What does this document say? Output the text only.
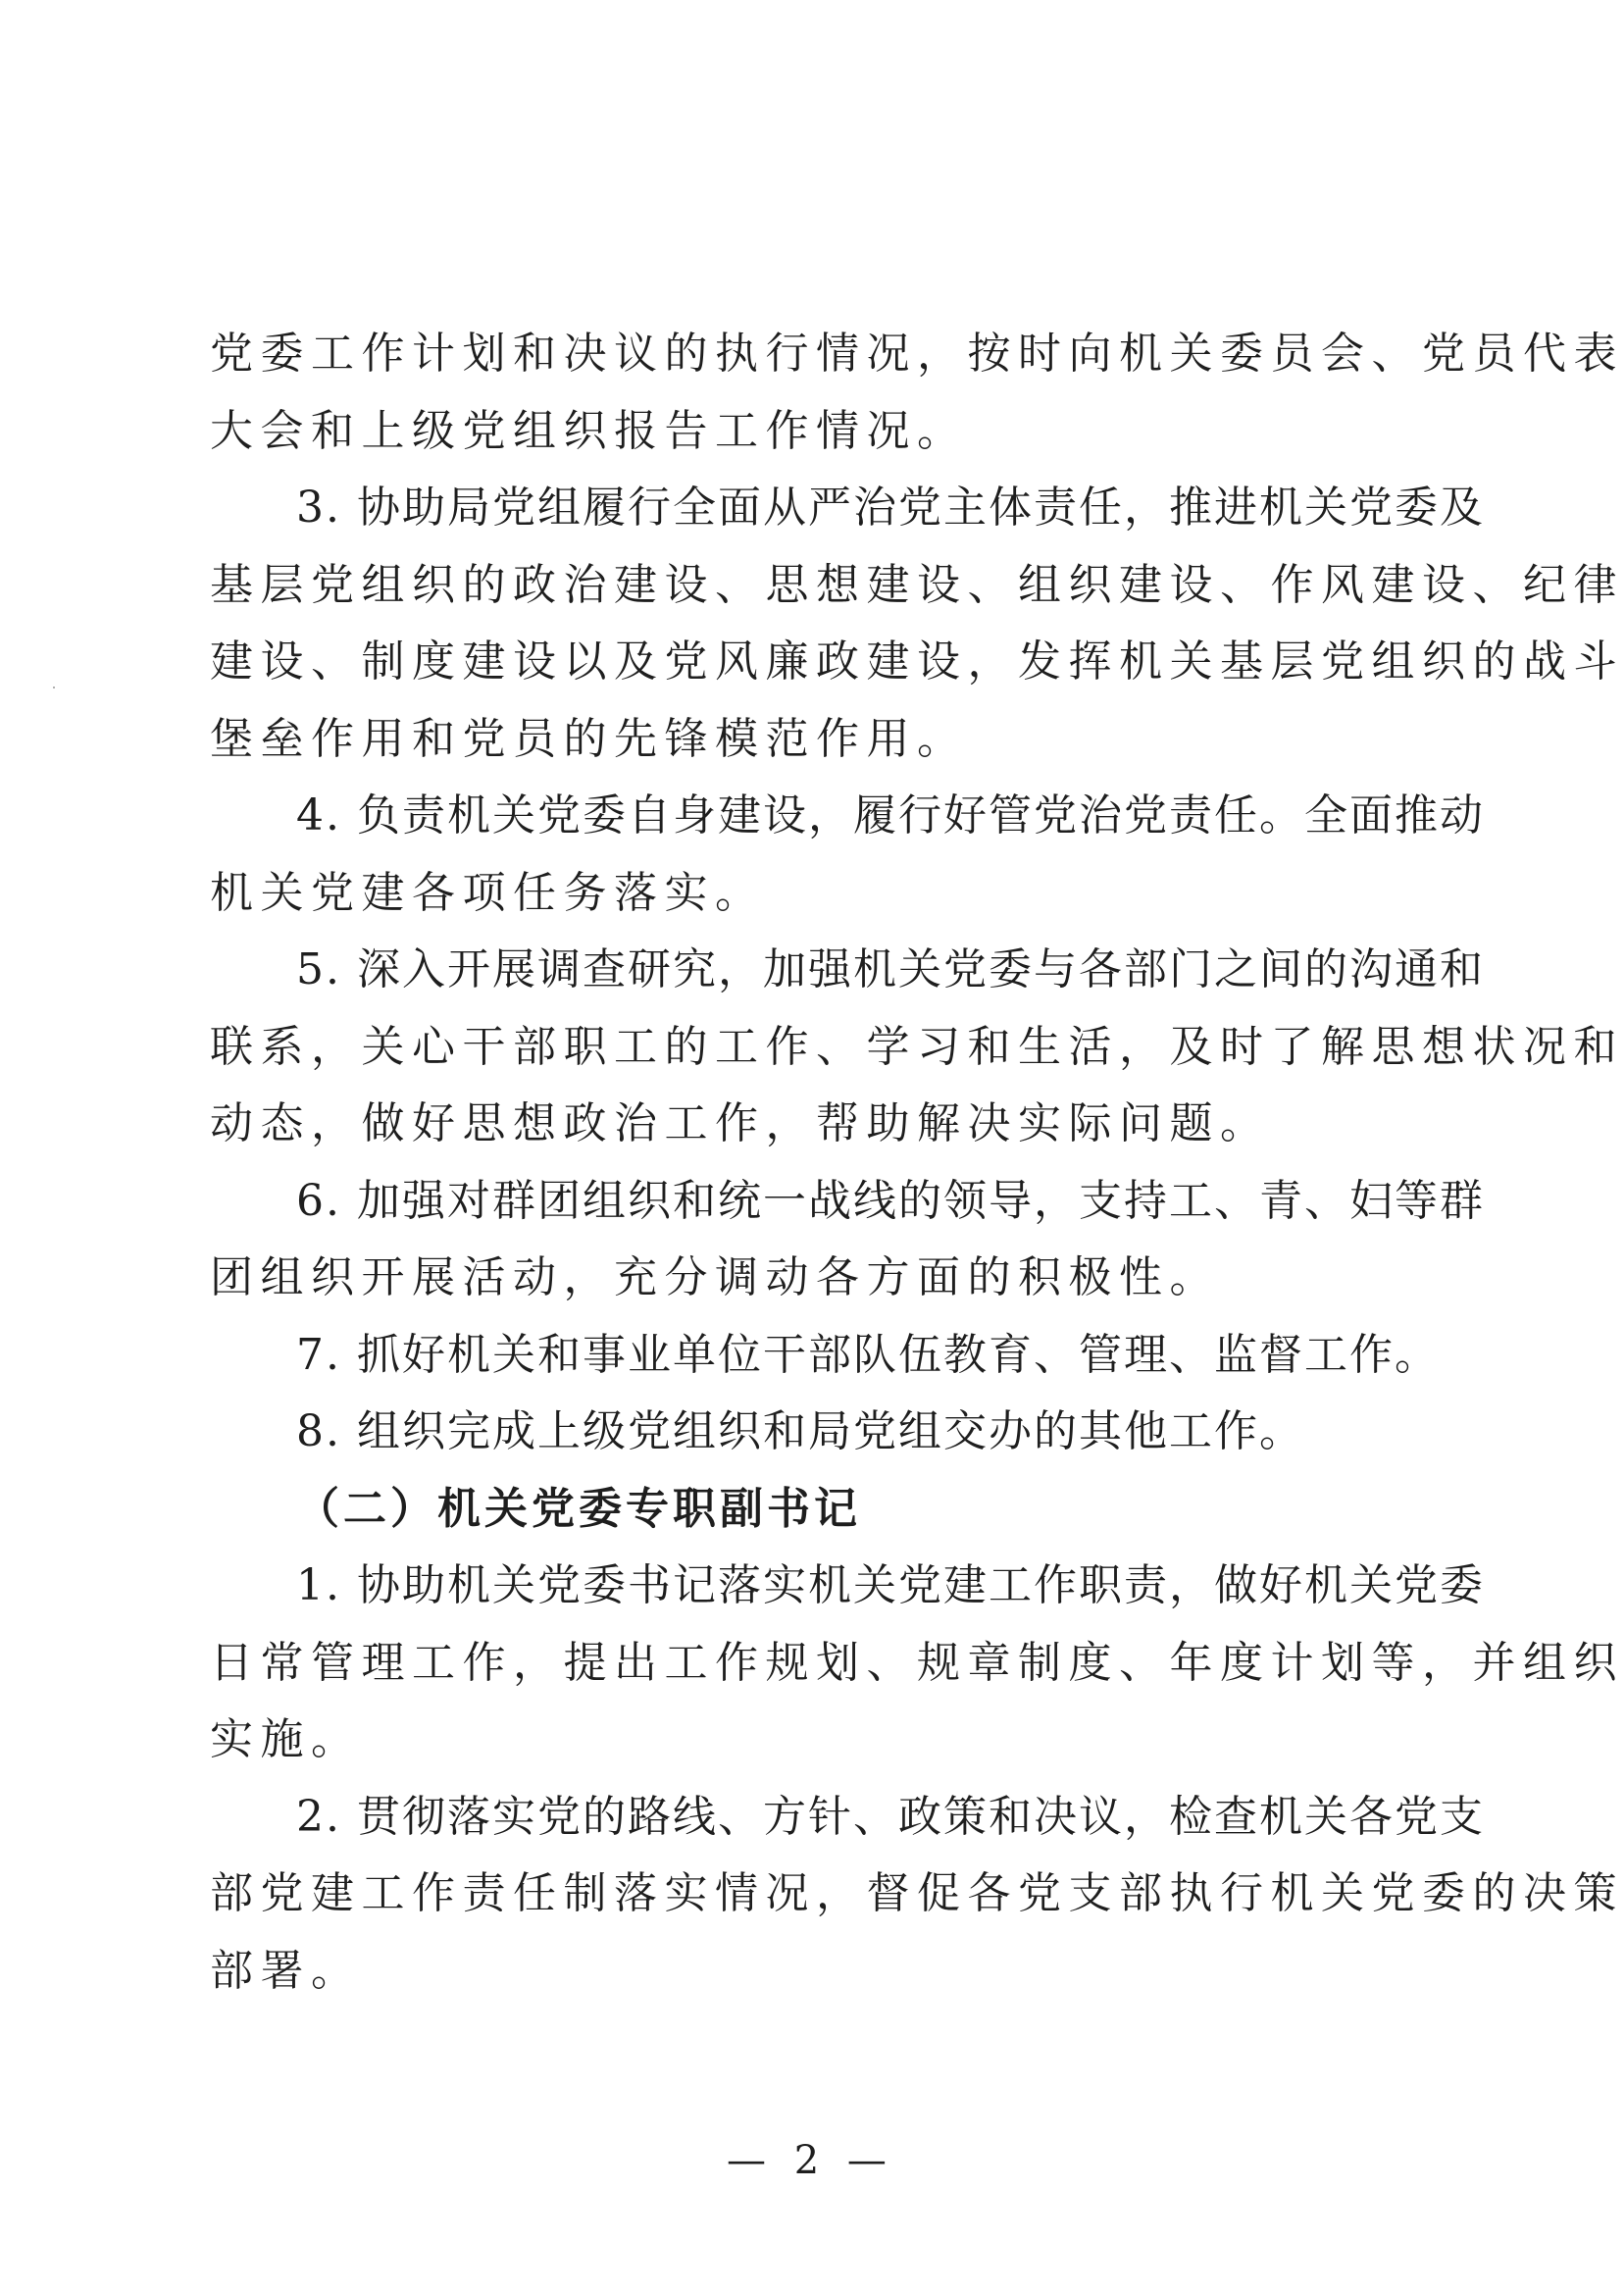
党委工作计划和决议的执行情况，按时向机关委员会、党员代表
大会和上级党组织报告工作情况。
3. 协助局党组履行全面从严治党主体责任，推进机关党委及
基层党组织的政治建设、思想建设、组织建设、作风建设、纪律
建设、制度建设以及党风廉政建设，发挥机关基层党组织的战斗
堡垒作用和党员的先锋模范作用。
4. 负责机关党委自身建设，履行好管党治党责任。全面推动
机关党建各项任务落实。
5. 深入开展调查研究，加强机关党委与各部门之间的沟通和
联系，关心干部职工的工作、学习和生活，及时了解思想状况和
动态，做好思想政治工作，帮助解决实际问题。
6. 加强对群团组织和统一战线的领导，支持工、青、妇等群
团组织开展活动，充分调动各方面的积极性。
7. 抓好机关和事业单位干部队伍教育、管理、监督工作。
8. 组织完成上级党组织和局党组交办的其他工作。
（二）机关党委专职副书记
1. 协助机关党委书记落实机关党建工作职责，做好机关党委
日常管理工作，提出工作规划、规章制度、年度计划等，并组织
实施。
2. 贯彻落实党的路线、方针、政策和决议，检查机关各党支
部党建工作责任制落实情况，督促各党支部执行机关党委的决策
部署。
— 2 —
